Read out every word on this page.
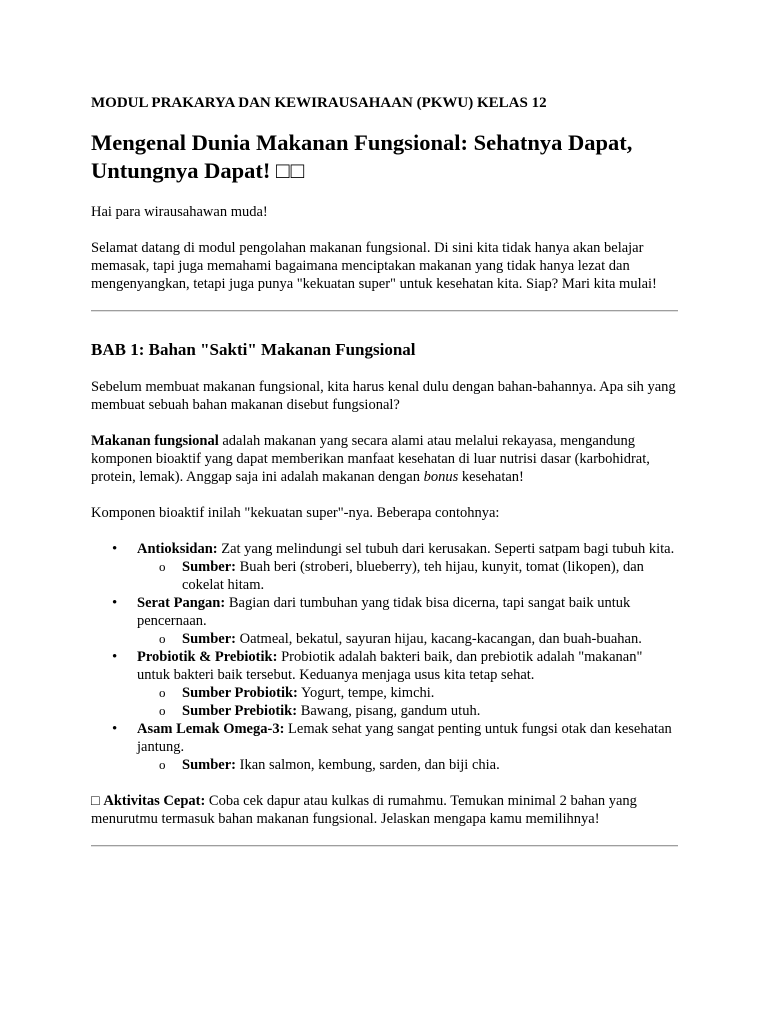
MODUL PRAKARYA DAN KEWIRAUSAHAAN (PKWU) KELAS 12

Mengenal Dunia Makanan Fungsional: Sehatnya Dapat,
Untungnya Dapat! □□

Hai para wirausahawan muda!

Selamat datang di modul pengolahan makanan fungsional. Di sini kita tidak hanya akan belajar memasak, tapi juga memahami bagaimana menciptakan makanan yang tidak hanya lezat dan mengenyangkan, tetapi juga punya "kekuatan super" untuk kesehatan kita. Siap? Mari kita mulai!

BAB 1: Bahan "Sakti" Makanan Fungsional

Sebelum membuat makanan fungsional, kita harus kenal dulu dengan bahan-bahannya. Apa sih yang membuat sebuah bahan makanan disebut fungsional?

Makanan fungsional adalah makanan yang secara alami atau melalui rekayasa, mengandung komponen bioaktif yang dapat memberikan manfaat kesehatan di luar nutrisi dasar (karbohidrat, protein, lemak). Anggap saja ini adalah makanan dengan bonus kesehatan!

Komponen bioaktif inilah "kekuatan super"-nya. Beberapa contohnya:

• Antioksidan: Zat yang melindungi sel tubuh dari kerusakan. Seperti satpam bagi tubuh kita.
o Sumber: Buah beri (stroberi, blueberry), teh hijau, kunyit, tomat (likopen), dan cokelat hitam.
• Serat Pangan: Bagian dari tumbuhan yang tidak bisa dicerna, tapi sangat baik untuk pencernaan.
o Sumber: Oatmeal, bekatul, sayuran hijau, kacang-kacangan, dan buah-buahan.
• Probiotik & Prebiotik: Probiotik adalah bakteri baik, dan prebiotik adalah "makanan" untuk bakteri baik tersebut. Keduanya menjaga usus kita tetap sehat.
o Sumber Probiotik: Yogurt, tempe, kimchi.
o Sumber Prebiotik: Bawang, pisang, gandum utuh.
• Asam Lemak Omega-3: Lemak sehat yang sangat penting untuk fungsi otak dan kesehatan jantung.
o Sumber: Ikan salmon, kembung, sarden, dan biji chia.

□ Aktivitas Cepat: Coba cek dapur atau kulkas di rumahmu. Temukan minimal 2 bahan yang menurutmu termasuk bahan makanan fungsional. Jelaskan mengapa kamu memilihnya!
